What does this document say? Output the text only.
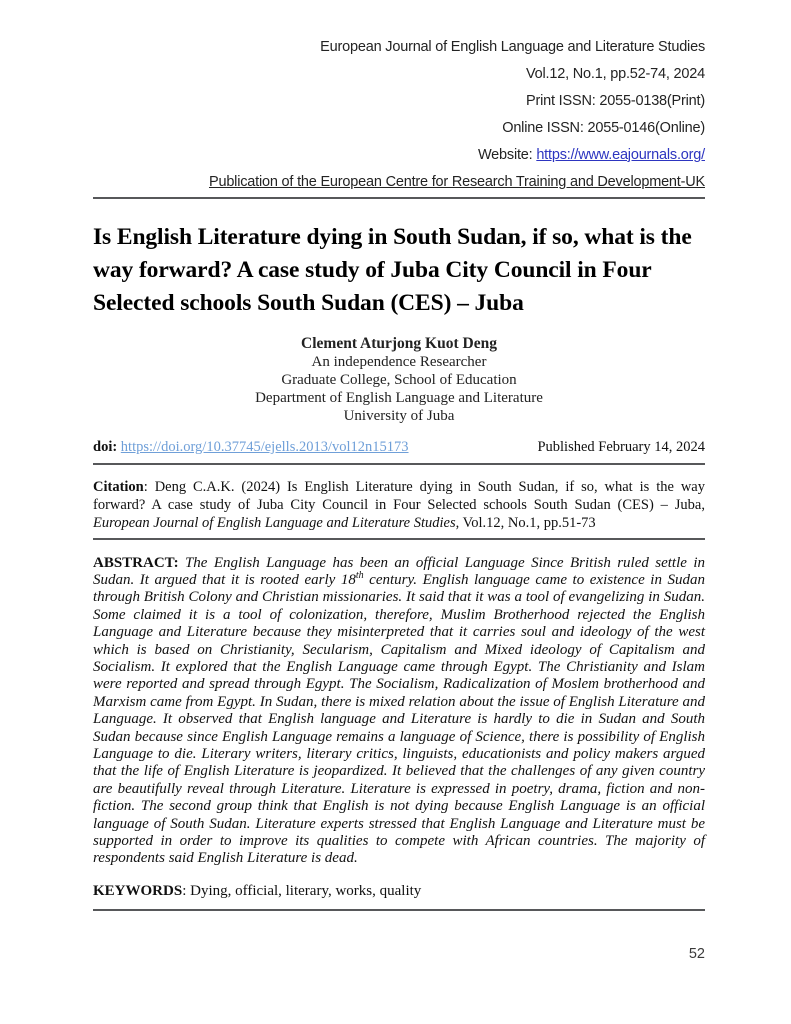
European Journal of English Language and Literature Studies
Vol.12, No.1, pp.52-74, 2024
Print ISSN: 2055-0138(Print)
Online ISSN: 2055-0146(Online)
Website: https://www.eajournals.org/
Publication of the European Centre for Research Training and Development-UK
Is English Literature dying in South Sudan, if so, what is the way forward? A case study of Juba City Council in Four Selected schools South Sudan (CES) – Juba
Clement Aturjong Kuot Deng
An independence Researcher
Graduate College, School of Education
Department of English Language and Literature
University of Juba
doi: https://doi.org/10.37745/ejells.2013/vol12n15173	Published February 14, 2024

Citation: Deng C.A.K. (2024) Is English Literature dying in South Sudan, if so, what is the way forward? A case study of Juba City Council in Four Selected schools South Sudan (CES) – Juba, European Journal of English Language and Literature Studies, Vol.12, No.1, pp.51-73

ABSTRACT: The English Language has been an official Language Since British ruled settle in Sudan. It argued that it is rooted early 18th century. English language came to existence in Sudan through British Colony and Christian missionaries. It said that it was a tool of evangelizing in Sudan. Some claimed it is a tool of colonization, therefore, Muslim Brotherhood rejected the English Language and Literature because they misinterpreted that it carries soul and ideology of the west which is based on Christianity, Secularism, Capitalism and Mixed ideology of Capitalism and Socialism. It explored that the English Language came through Egypt. The Christianity and Islam were reported and spread through Egypt. The Socialism, Radicalization of Moslem brotherhood and Marxism came from Egypt. In Sudan, there is mixed relation about the issue of English Literature and Language. It observed that English language and Literature is hardly to die in Sudan and South Sudan because since English Language remains a language of Science, there is possibility of English Language to die. Literary writers, literary critics, linguists, educationists and policy makers argued that the life of English Literature is jeopardized. It believed that the challenges of any given country are beautifully reveal through Literature. Literature is expressed in poetry, drama, fiction and non-fiction. The second group think that English is not dying because English Language is an official language of South Sudan. Literature experts stressed that English Language and Literature must be supported in order to improve its qualities to compete with African countries. The majority of respondents said English Literature is dead.

KEYWORDS: Dying, official, literary, works, quality

52
